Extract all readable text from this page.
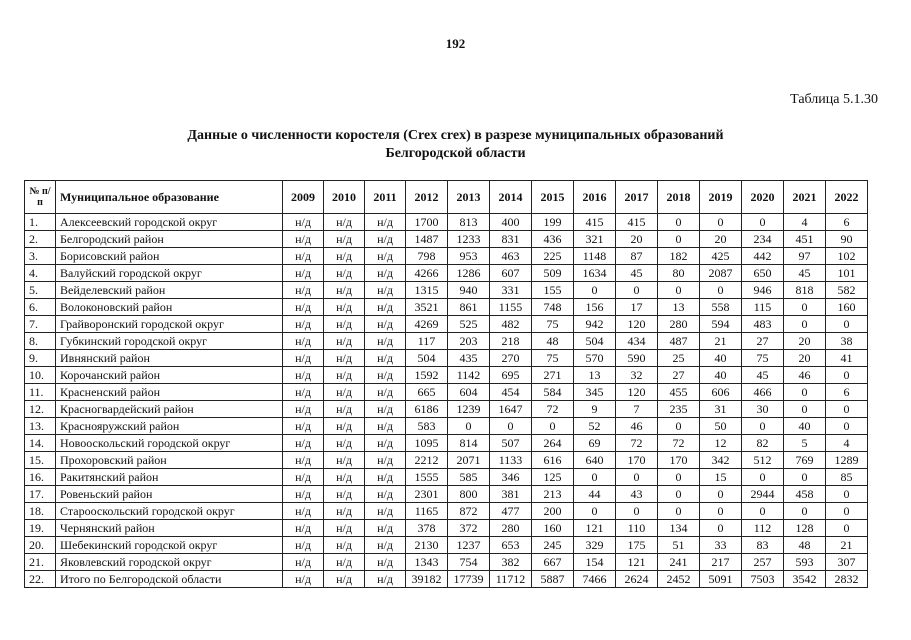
192
Таблица 5.1.30
Данные о численности коростеля (Crex crex) в разрезе муниципальных образований
Белгородской области
№ п/п	Муниципальное образование	2009	2010	2011	2012	2013	2014	2015	2016	2017	2018	2019	2020	2021	2022
1.	Алексеевский городской округ	н/д	н/д	н/д	1700	813	400	199	415	415	0	0	0	4	6
2.	Белгородский район	н/д	н/д	н/д	1487	1233	831	436	321	20	0	20	234	451	90
3.	Борисовский район	н/д	н/д	н/д	798	953	463	225	1148	87	182	425	442	97	102
4.	Валуйский городской округ	н/д	н/д	н/д	4266	1286	607	509	1634	45	80	2087	650	45	101
5.	Вейделевский район	н/д	н/д	н/д	1315	940	331	155	0	0	0	0	946	818	582
6.	Волоконовский район	н/д	н/д	н/д	3521	861	1155	748	156	17	13	558	115	0	160
7.	Грайворонский городской округ	н/д	н/д	н/д	4269	525	482	75	942	120	280	594	483	0	0
8.	Губкинский городской округ	н/д	н/д	н/д	117	203	218	48	504	434	487	21	27	20	38
9.	Ивнянский район	н/д	н/д	н/д	504	435	270	75	570	590	25	40	75	20	41
10.	Корочанский район	н/д	н/д	н/д	1592	1142	695	271	13	32	27	40	45	46	0
11.	Красненский район	н/д	н/д	н/д	665	604	454	584	345	120	455	606	466	0	6
12.	Красногвардейский район	н/д	н/д	н/д	6186	1239	1647	72	9	7	235	31	30	0	0
13.	Краснояружский район	н/д	н/д	н/д	583	0	0	0	52	46	0	50	0	40	0
14.	Новооскольский городской округ	н/д	н/д	н/д	1095	814	507	264	69	72	72	12	82	5	4
15.	Прохоровский район	н/д	н/д	н/д	2212	2071	1133	616	640	170	170	342	512	769	1289
16.	Ракитянский район	н/д	н/д	н/д	1555	585	346	125	0	0	0	15	0	0	85
17.	Ровеньский район	н/д	н/д	н/д	2301	800	381	213	44	43	0	0	2944	458	0
18.	Старооскольский городской округ	н/д	н/д	н/д	1165	872	477	200	0	0	0	0	0	0	0
19.	Чернянский район	н/д	н/д	н/д	378	372	280	160	121	110	134	0	112	128	0
20.	Шебекинский городской округ	н/д	н/д	н/д	2130	1237	653	245	329	175	51	33	83	48	21
21.	Яковлевский городской округ	н/д	н/д	н/д	1343	754	382	667	154	121	241	217	257	593	307
22.	Итого по Белгородской области	н/д	н/д	н/д	39182	17739	11712	5887	7466	2624	2452	5091	7503	3542	2832
